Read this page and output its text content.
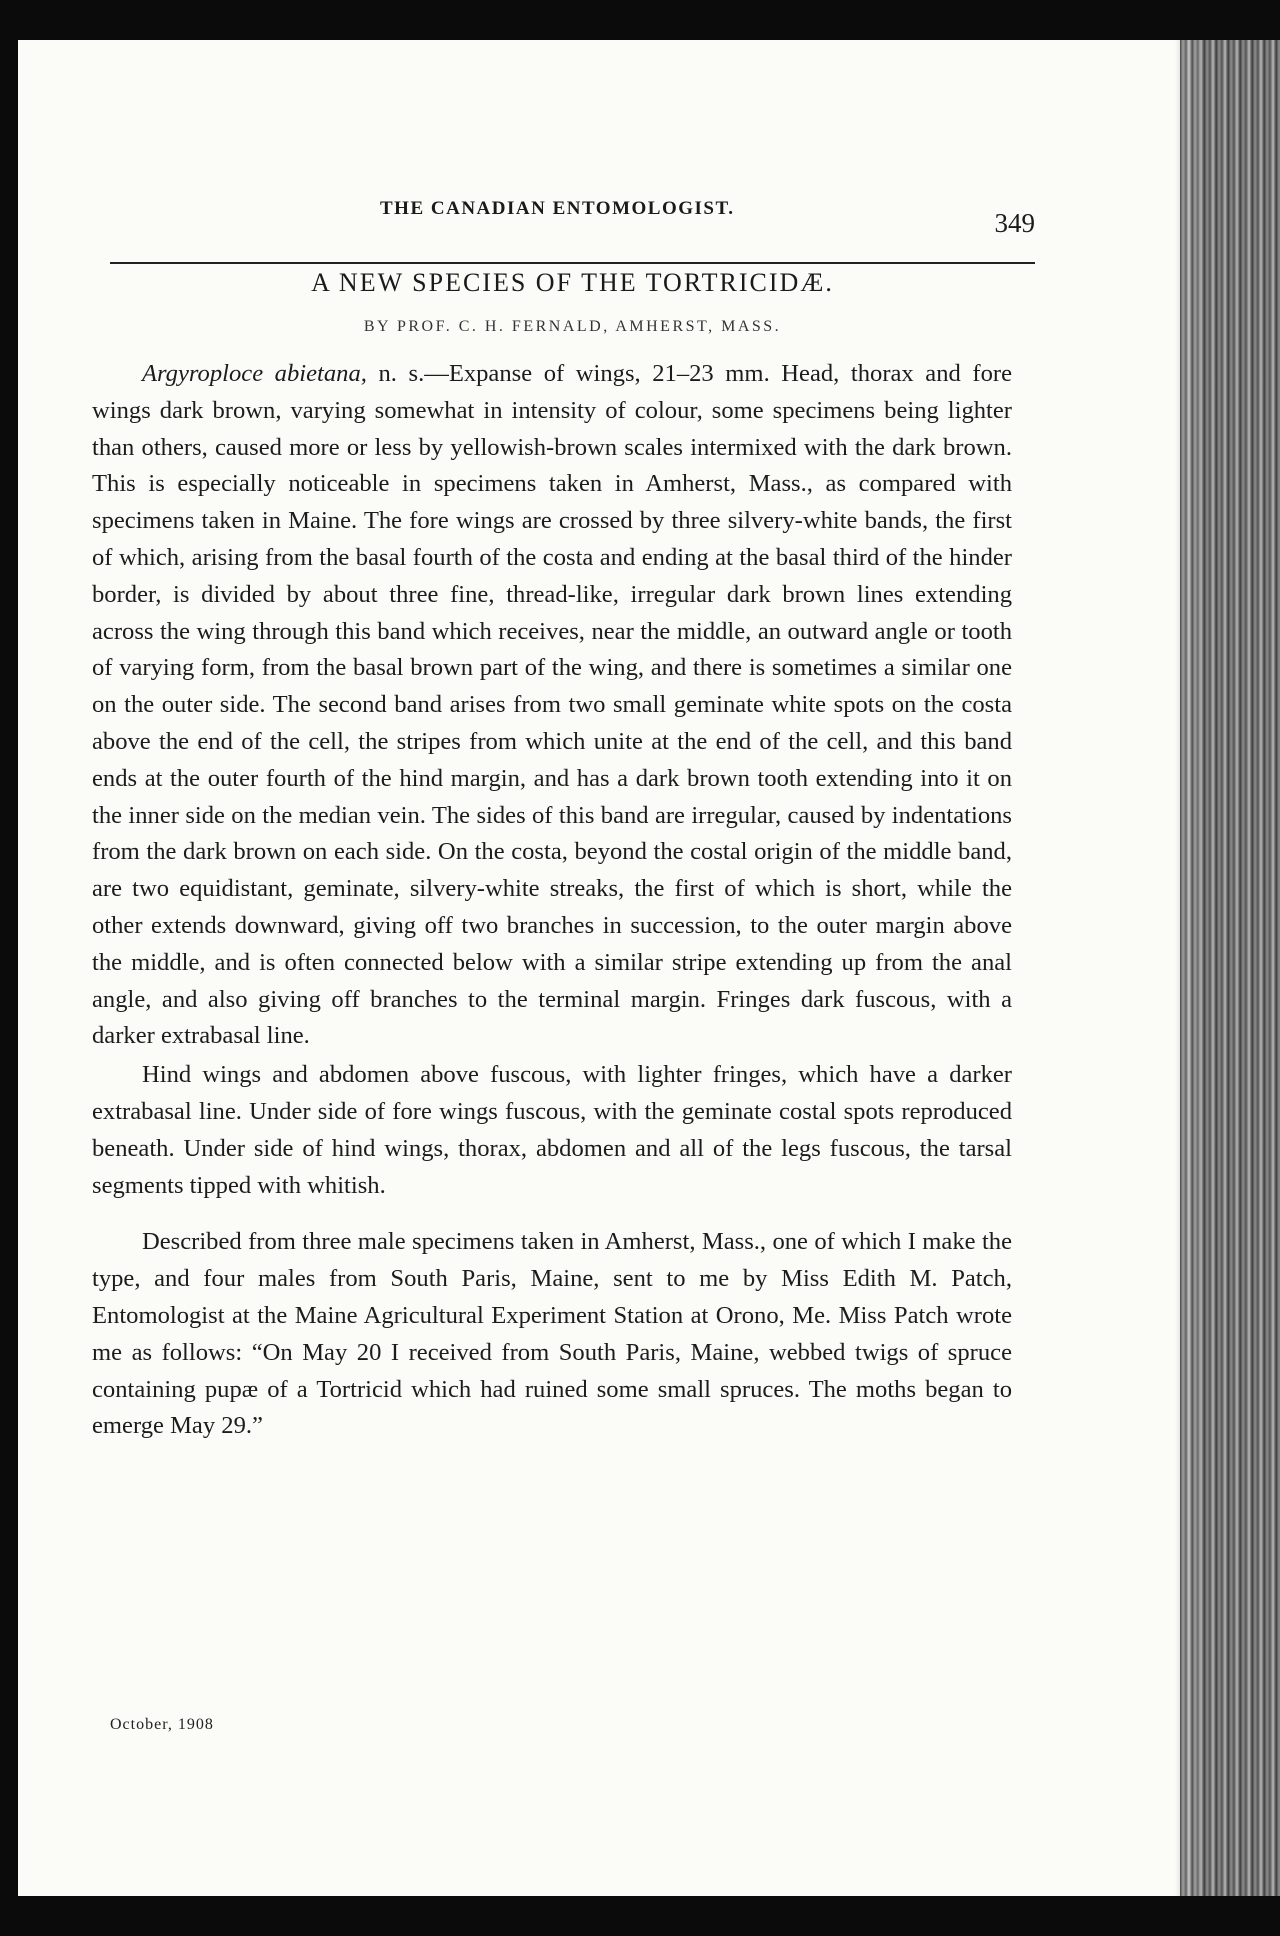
THE CANADIAN ENTOMOLOGIST.	349
A NEW SPECIES OF THE TORTRICIDÆ.
BY PROF. C. H. FERNALD, AMHERST, MASS.

Argyroploce abietana, n. s.—Expanse of wings, 21–23 mm. Head, thorax and fore wings dark brown, varying somewhat in intensity of colour, some specimens being lighter than others, caused more or less by yellowish-brown scales intermixed with the dark brown. This is especially noticeable in specimens taken in Amherst, Mass., as compared with specimens taken in Maine. The fore wings are crossed by three silvery-white bands, the first of which, arising from the basal fourth of the costa and ending at the basal third of the hinder border, is divided by about three fine, thread-like, irregular dark brown lines extending across the wing through this band which receives, near the middle, an outward angle or tooth of varying form, from the basal brown part of the wing, and there is sometimes a similar one on the outer side. The second band arises from two small geminate white spots on the costa above the end of the cell, the stripes from which unite at the end of the cell, and this band ends at the outer fourth of the hind margin, and has a dark brown tooth extending into it on the inner side on the median vein. The sides of this band are irregular, caused by indentations from the dark brown on each side. On the costa, beyond the costal origin of the middle band, are two equidistant, geminate, silvery-white streaks, the first of which is short, while the other extends downward, giving off two branches in succession, to the outer margin above the middle, and is often connected below with a similar stripe extending up from the anal angle, and also giving off branches to the terminal margin. Fringes dark fuscous, with a darker extrabasal line.

Hind wings and abdomen above fuscous, with lighter fringes, which have a darker extrabasal line. Under side of fore wings fuscous, with the geminate costal spots reproduced beneath. Under side of hind wings, thorax, abdomen and all of the legs fuscous, the tarsal segments tipped with whitish.

Described from three male specimens taken in Amherst, Mass., one of which I make the type, and four males from South Paris, Maine, sent to me by Miss Edith M. Patch, Entomologist at the Maine Agricultural Experiment Station at Orono, Me. Miss Patch wrote me as follows: “On May 20 I received from South Paris, Maine, webbed twigs of spruce containing pupæ of a Tortricid which had ruined some small spruces. The moths began to emerge May 29.”

October, 1908
